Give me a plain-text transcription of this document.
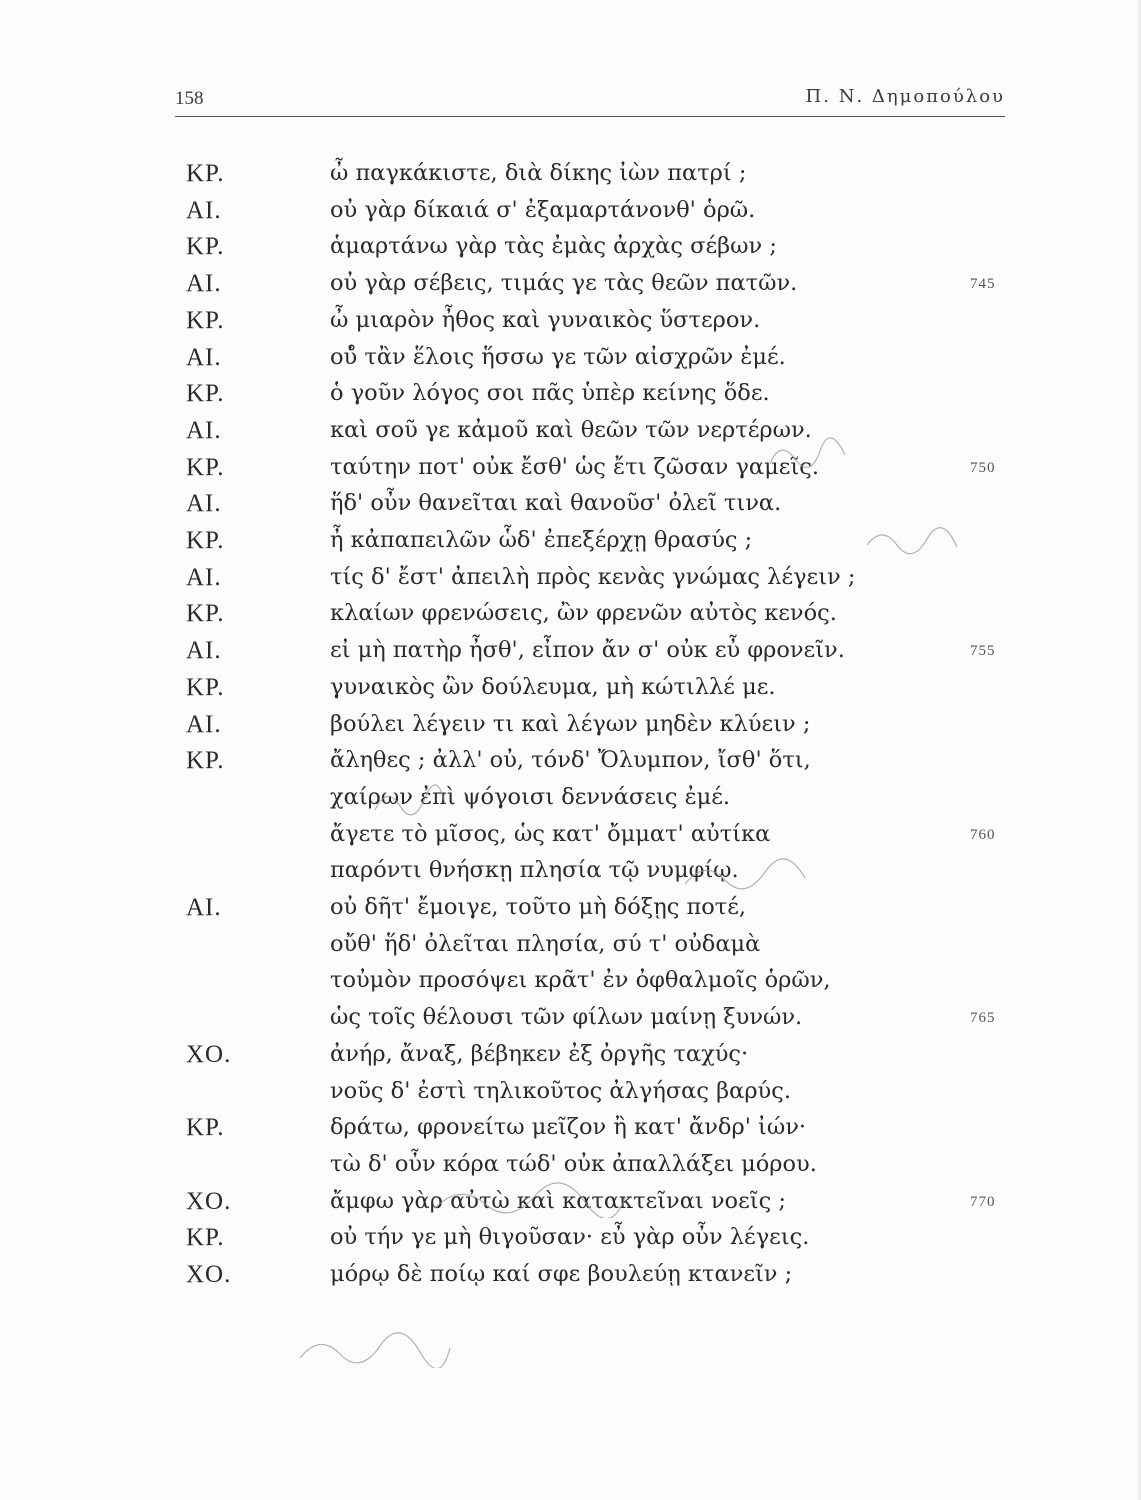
158	Π. Ν. Δημοπούλου
ΚΡ.	ὦ παγκάκιστε, διὰ δίκης ἰὼν πατρί ;
ΑΙ.	οὐ γὰρ δίκαιά σ' ἐξαμαρτάνονθ' ὁρῶ.
ΚΡ.	ἁμαρτάνω γὰρ τὰς ἐμὰς ἀρχὰς σέβων ;
ΑΙ.	οὐ γὰρ σέβεις, τιμάς γε τὰς θεῶν πατῶν.	745
ΚΡ.	ὦ μιαρὸν ἦθος καὶ γυναικὸς ὕστερον.
ΑΙ.	οὐ̊ τἂν ἕλοις ἥσσω γε τῶν αἰσχρῶν ἐμέ.
ΚΡ.	ὁ γοῦν λόγος σοι πᾶς ὑπὲρ κείνης ὅδε.
ΑΙ.	καὶ σοῦ γε κἀμοῦ καὶ θεῶν τῶν νερτέρων.
ΚΡ.	ταύτην ποτ' οὐκ ἔσθ' ὡς ἔτι ζῶσαν γαμεῖς.	750
ΑΙ.	ἥδ' οὖν θανεῖται καὶ θανοῦσ' ὀλεῖ τινα.
ΚΡ.	ἦ κἀπαπειλῶν ὧδ' ἐπεξέρχῃ θρασύς ;
ΑΙ.	τίς δ' ἔστ' ἀπειλὴ πρὸς κενὰς γνώμας λέγειν ;
ΚΡ.	κλαίων φρενώσεις, ὢν φρενῶν αὐτὸς κενός.
ΑΙ.	εἰ μὴ πατὴρ ἦσθ', εἶπον ἄν σ' οὐκ εὖ φρονεῖν.	755
ΚΡ.	γυναικὸς ὢν δούλευμα, μὴ κώτιλλέ με.
ΑΙ.	βούλει λέγειν τι καὶ λέγων μηδὲν κλύειν ;
ΚΡ.	ἄληθες ; ἀλλ' οὐ, τόνδ' Ὄλυμπον, ἴσθ' ὅτι,
χαίρων ἐπὶ ψόγοισι δεννάσεις ἐμέ.
ἄγετε τὸ μῖσος, ὡς κατ' ὄμματ' αὐτίκα	760
παρόντι θνήσκῃ πλησία τῷ νυμφίῳ.
ΑΙ.	οὐ δῆτ' ἔμοιγε, τοῦτο μὴ δόξῃς ποτέ,
οὔθ' ἥδ' ὀλεῖται πλησία, σύ τ' οὐδαμὰ
τοὐμὸν προσόψει κρᾶτ' ἐν ὀφθαλμοῖς ὁρῶν,
ὡς τοῖς θέλουσι τῶν φίλων μαίνῃ ξυνών.	765
ΧΟ.	ἀνήρ, ἄναξ, βέβηκεν ἐξ ὀργῆς ταχύς·
νοῦς δ' ἐστὶ τηλικοῦτος ἀλγήσας βαρύς.
ΚΡ.	δράτω, φρονείτω μεῖζον ἢ κατ' ἄνδρ' ἰών·
τὼ δ' οὖν κόρα τώδ' οὐκ ἀπαλλάξει μόρου.
ΧΟ.	ἄμφω γὰρ αὐτὼ καὶ κατακτεῖναι νοεῖς ;	770
ΚΡ.	οὐ τήν γε μὴ θιγοῦσαν· εὖ γὰρ οὖν λέγεις.
ΧΟ.	μόρῳ δὲ ποίῳ καί σφε βουλεύῃ κτανεῖν ;
